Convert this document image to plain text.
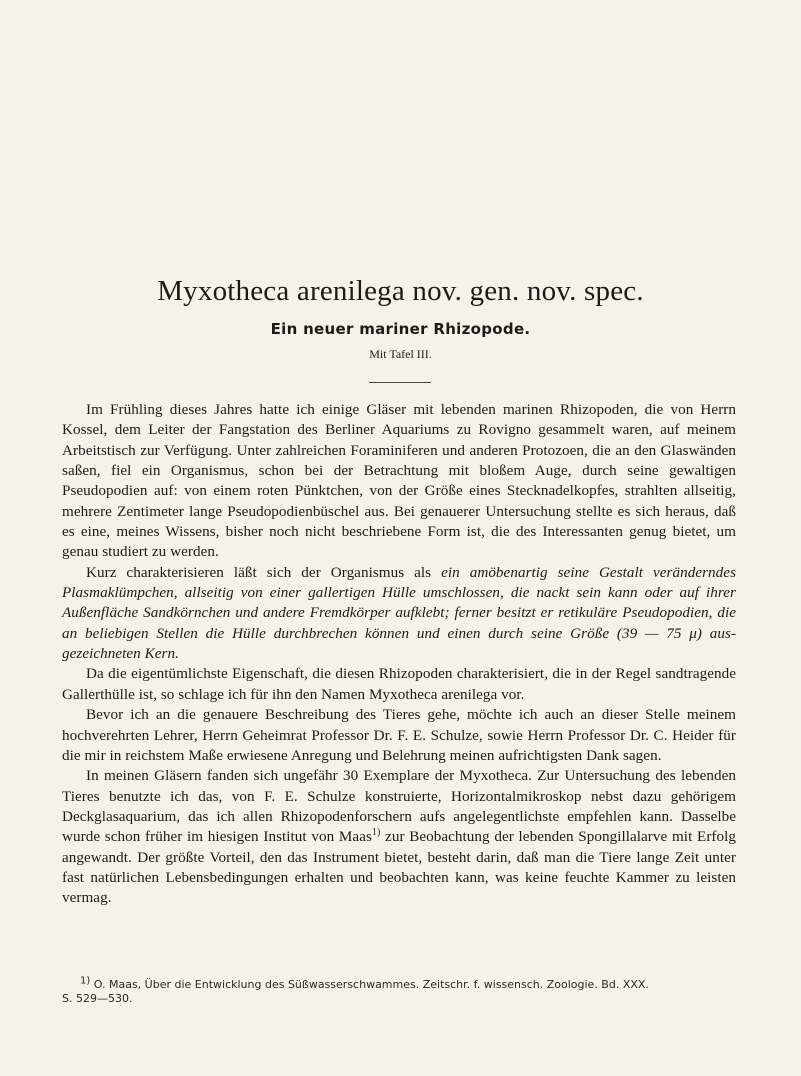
Myxotheca arenilega nov. gen. nov. spec.
Ein neuer mariner Rhizopode.
Mit Tafel III.

Im Frühling dieses Jahres hatte ich einige Gläser mit lebenden marinen Rhizopoden, die von Herrn Kossel, dem Leiter der Fangstation des Berliner Aquariums zu Rovigno gesammelt waren, auf meinem Arbeitstisch zur Verfügung. Unter zahlreichen Foraminiferen und anderen Protozoen, die an den Glaswänden saßen, fiel ein Organismus, schon bei der Betrachtung mit bloßem Auge, durch seine gewaltigen Pseudopodien auf: von einem roten Pünktchen, von der Größe eines Stecknadelkopfes, strahlten allseitig, mehrere Zentimeter lange Pseudopodienbüschel aus. Bei genauerer Untersuchung stellte es sich heraus, daß es eine, meines Wissens, bisher noch nicht beschriebene Form ist, die des Interessanten genug bietet, um genau studiert zu werden.

Kurz charakterisieren läßt sich der Organismus als ein amöbenartig seine Gestalt veränderndes Plasmaklümpchen, allseitig von einer gallertigen Hülle umschlossen, die nackt sein kann oder auf ihrer Außenfläche Sandkörnchen und andere Fremdkörper aufklebt; ferner besitzt er retikuläre Pseudopodien, die an beliebigen Stellen die Hülle durchbrechen können und einen durch seine Größe (39 — 75 μ) ausgezeichneten Kern.

Da die eigentümlichste Eigenschaft, die diesen Rhizopoden charakterisiert, die in der Regel sandtragende Gallerthülle ist, so schlage ich für ihn den Namen Myxotheca arenilega vor.

Bevor ich an die genauere Beschreibung des Tieres gehe, möchte ich auch an dieser Stelle meinem hochverehrten Lehrer, Herrn Geheimrat Professor Dr. F. E. Schulze, sowie Herrn Professor Dr. C. Heider für die mir in reichstem Maße erwiesene Anregung und Belehrung meinen aufrichtigsten Dank sagen.

In meinen Gläsern fanden sich ungefähr 30 Exemplare der Myxotheca. Zur Untersuchung des lebenden Tieres benutzte ich das, von F. E. Schulze konstruierte, Horizontalmikroskop nebst dazu gehörigem Deckglasaquarium, das ich allen Rhizopodenforschern aufs angelegentlichste empfehlen kann. Dasselbe wurde schon früher im hiesigen Institut von Maas$^{1)}$ zur Beobachtung der lebenden Spongillalarve mit Erfolg angewandt. Der größte Vorteil, den das Instrument bietet, besteht darin, daß man die Tiere lange Zeit unter fast natürlichen Lebensbedingungen erhalten und beobachten kann, was keine feuchte Kammer zu leisten vermag.

1) O. Maas, Über die Entwicklung des Süßwasserschwammes. Zeitschr. f. wissensch. Zoologie. Bd. XXX.
S. 529—530.
